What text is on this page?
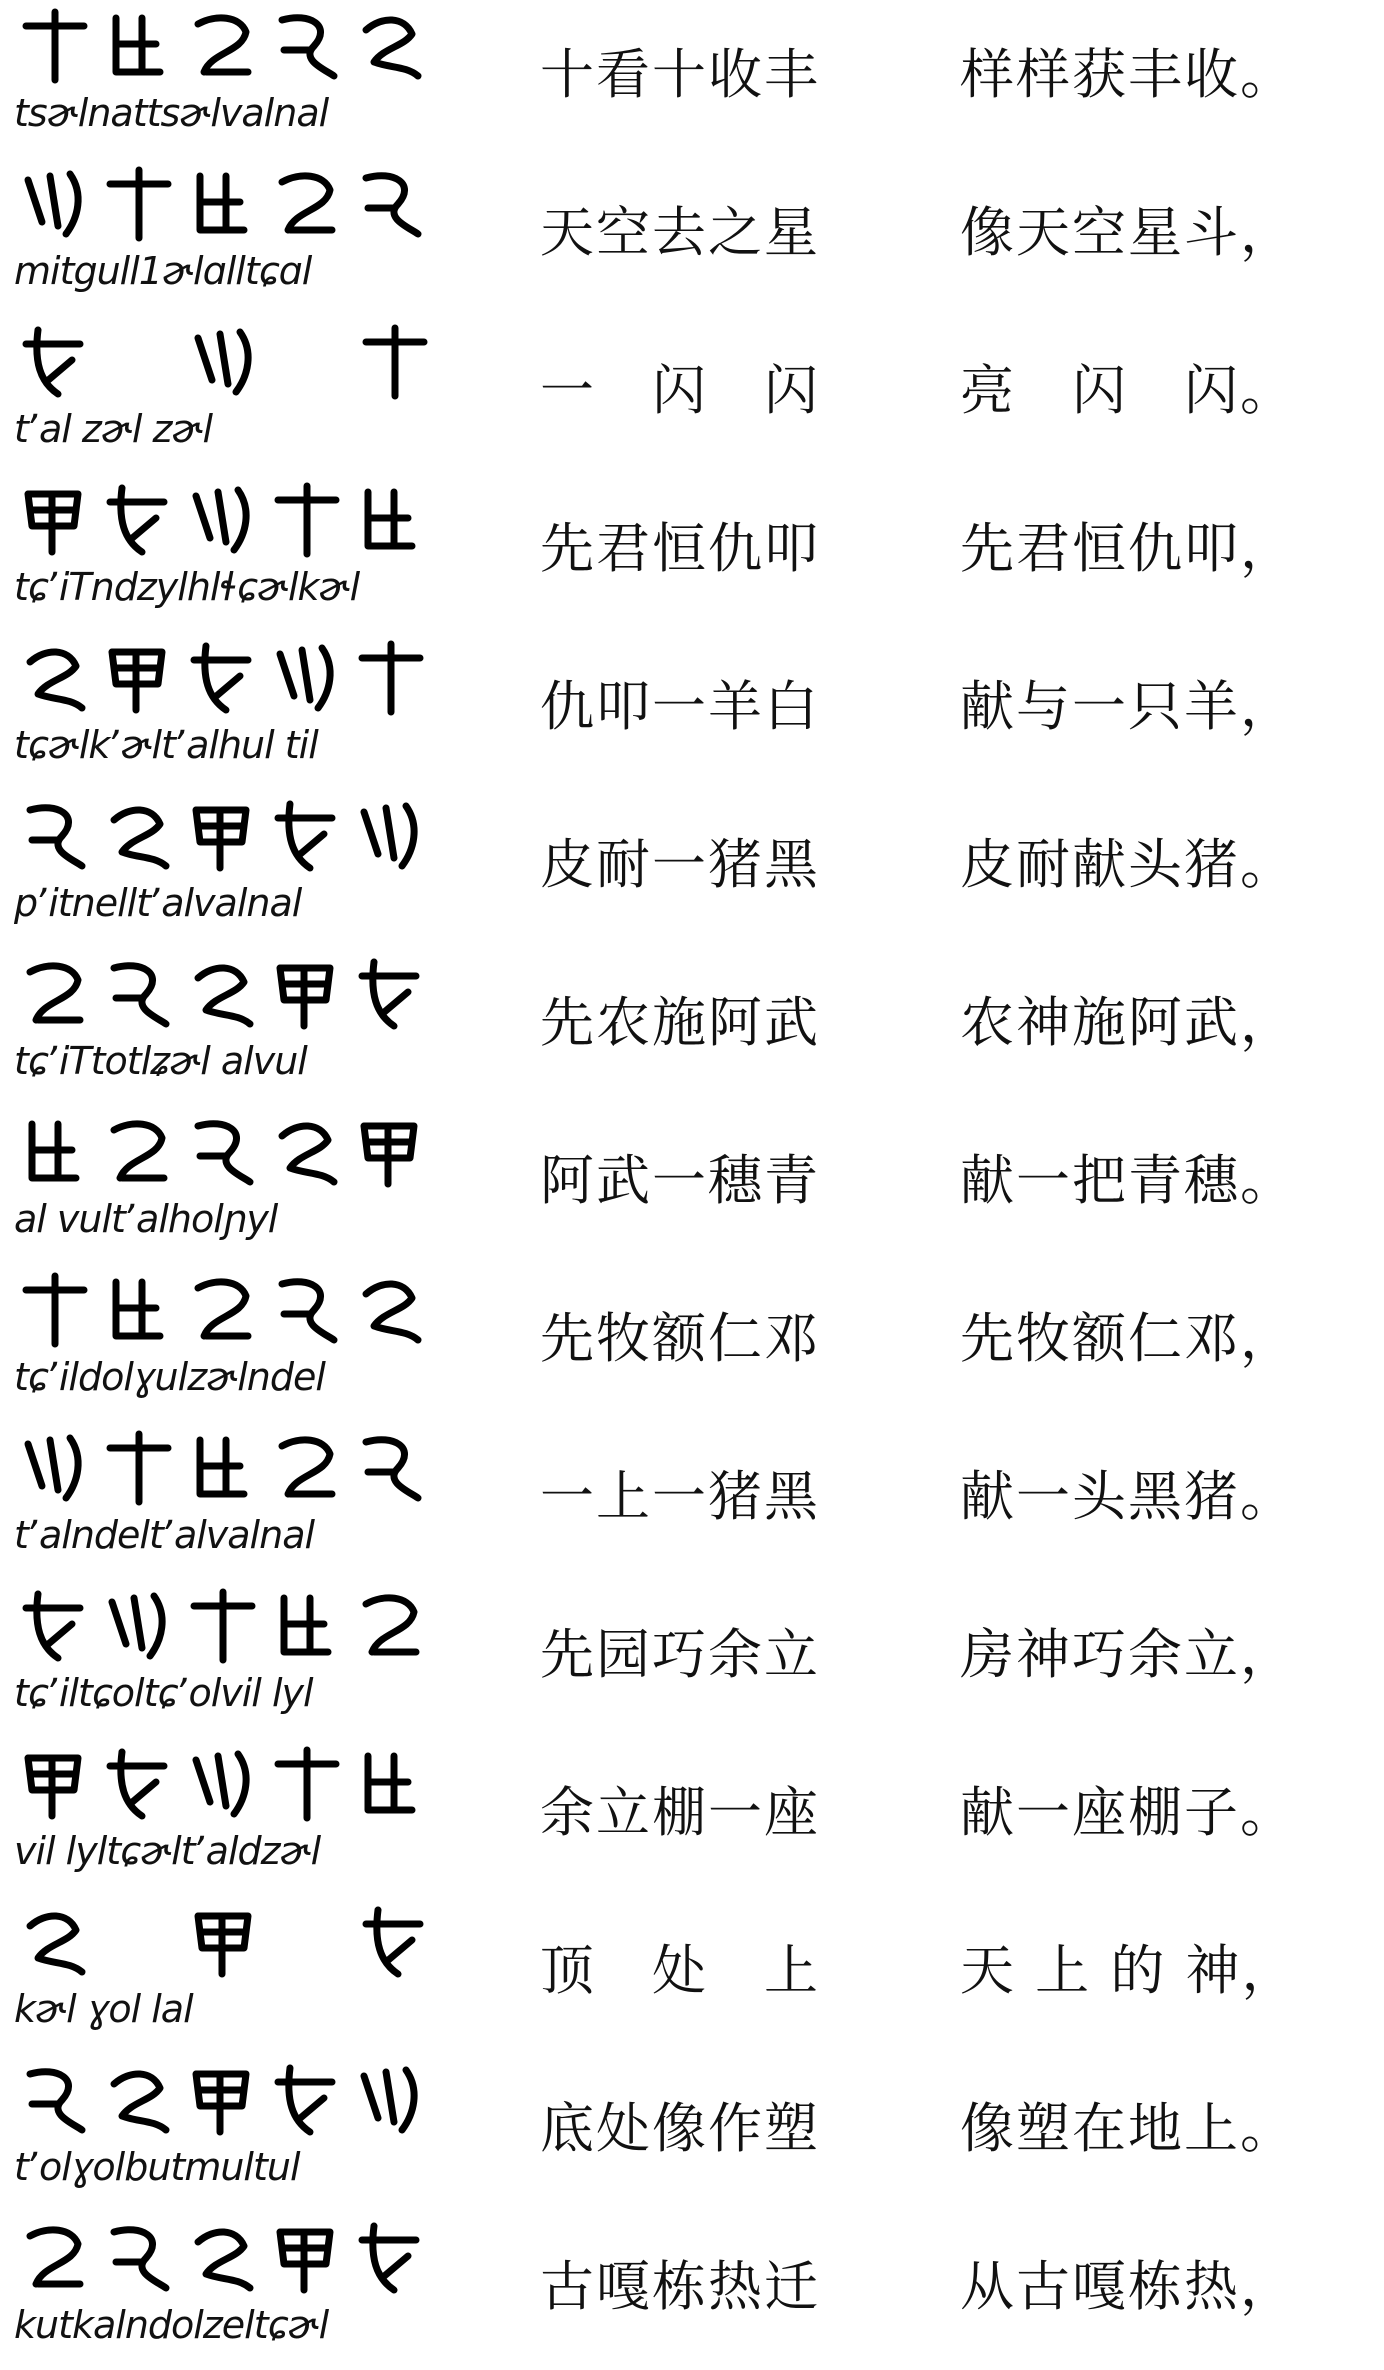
tsɚlnattsɚlvalnal
十看十收丰	样样获丰收。
mitgull1ɚlɑlltɕɑl
天空去之星	像天空星斗，
tʼal zɚl zɚl
一　闪　闪	亮　闪　闪。
tɕʼiTndzylhlɬɕɚlkɚl
先君恒仇叩	先君恒仇叩，
tɕɚlkʼɚltʼalhul til
仇叩一羊白	献与一只羊，
pʼitnelltʼalvalnal
皮耐一猪黑	皮耐献头猪。
tɕʼiTtotlʑɚl alvul
先农施阿武	农神施阿武，
al vultʼalholɲyl
阿武一穗青	献一把青穗。
tɕʼildolɣulzɚlndel
先牧额仁邓	先牧额仁邓，
tʼalndeltʼalvalnal
一上一猪黑	献一头黑猪。
tɕʼiltɕoltɕʼolvil lyl
先园巧余立	房神巧余立，
vil lyltɕɚltʼaldzɚl
余立棚一座	献一座棚子。
kɚl ɣol lal
顶　处　上	天 上 的 神，
tʼolɣolbutmultul
底处像作塑	像塑在地上。
kutkalndolzeltɕɚl
古嘎栋热迁	从古嘎栋热，
